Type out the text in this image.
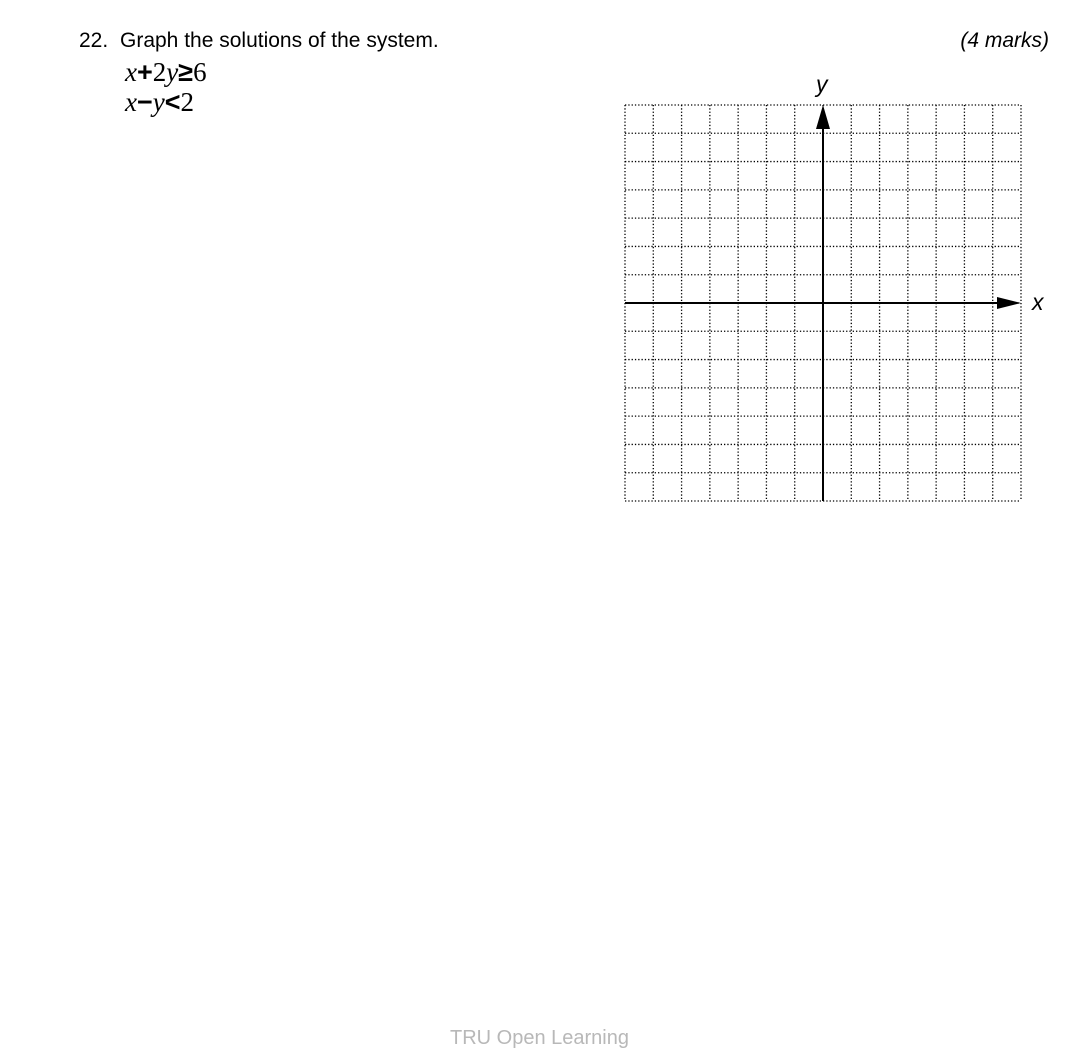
22. Graph the solutions of the system.	(4 marks)
x+2y≥6
x−y<2
x
y
TRU Open Learning
